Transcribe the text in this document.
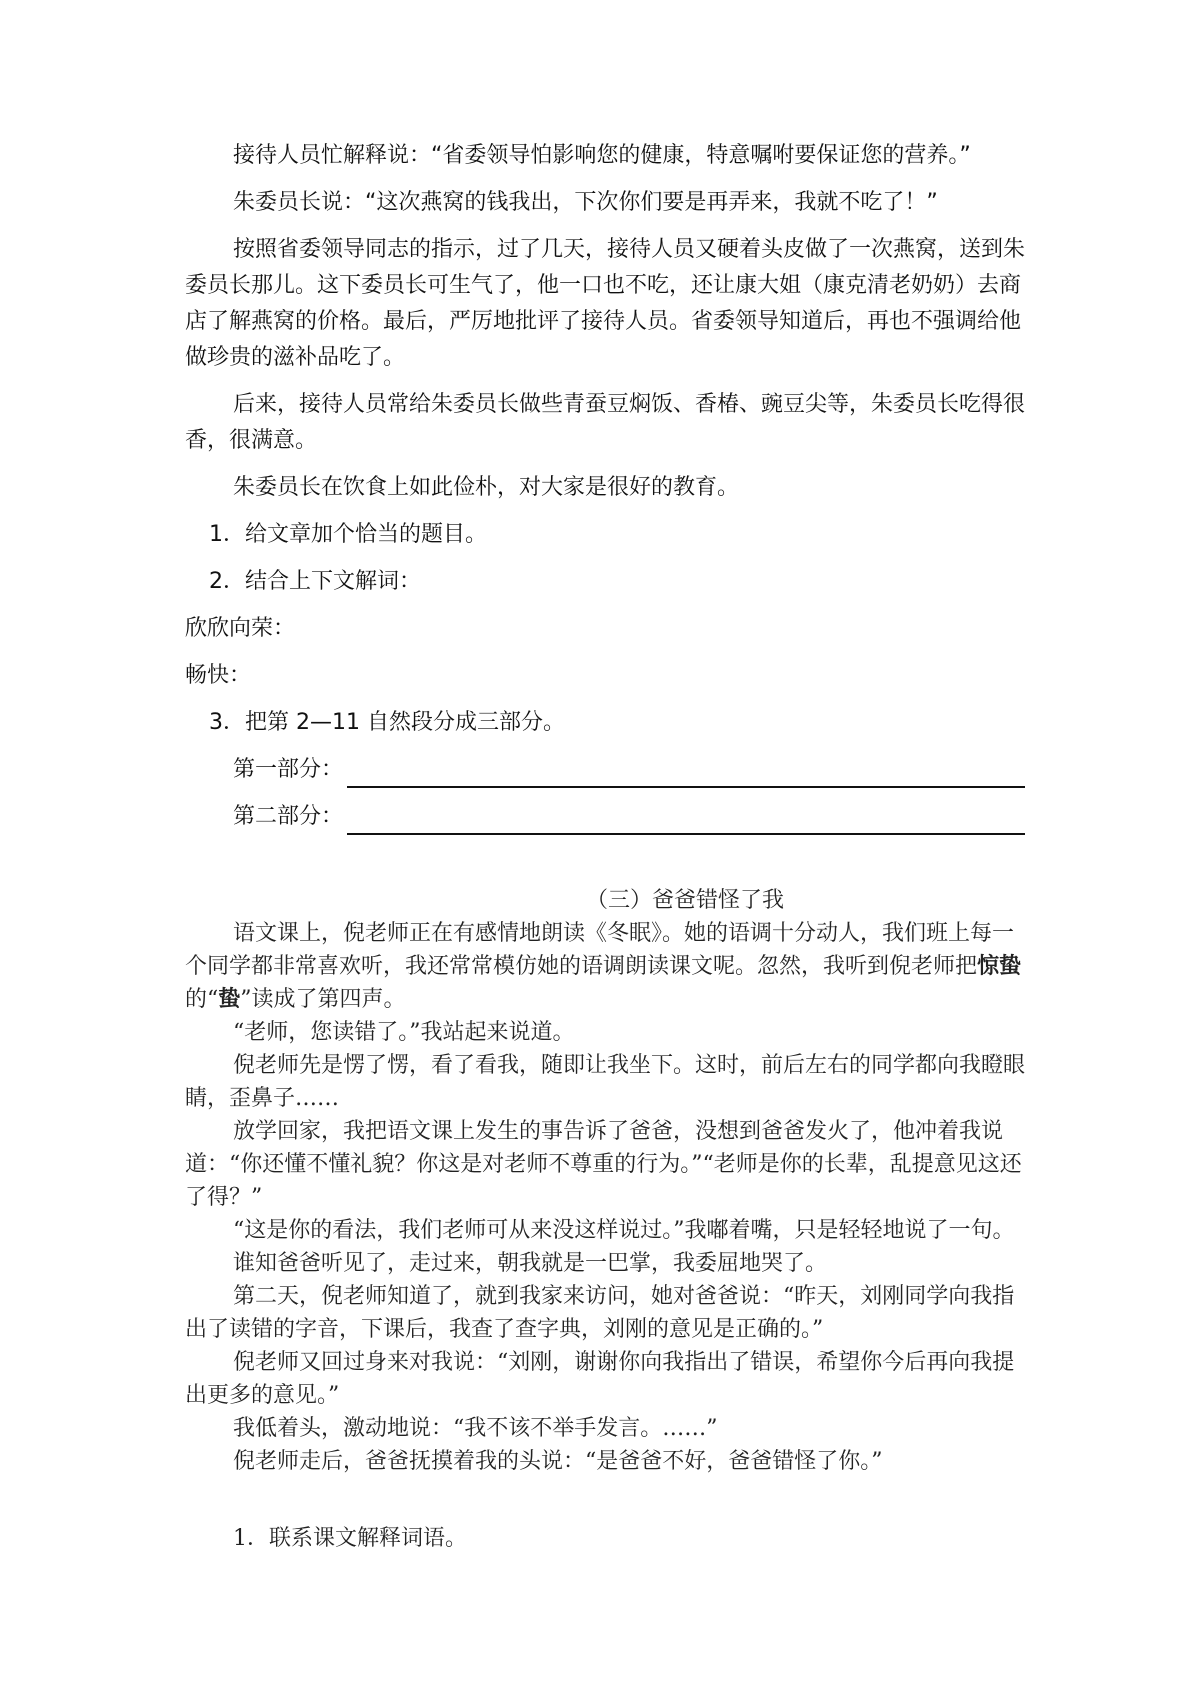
接待人员忙解释说：“省委领导怕影响您的健康，特意嘱咐要保证您的营养。”

朱委员长说：“这次燕窝的钱我出，下次你们要是再弄来，我就不吃了！”

按照省委领导同志的指示，过了几天，接待人员又硬着头皮做了一次燕窝，送到朱委员长那儿。这下委员长可生气了，他一口也不吃，还让康大姐（康克清老奶奶）去商店了解燕窝的价格。最后，严厉地批评了接待人员。省委领导知道后，再也不强调给他做珍贵的滋补品吃了。

后来，接待人员常给朱委员长做些青蚕豆焖饭、香椿、豌豆尖等，朱委员长吃得很香，很满意。

朱委员长在饮食上如此俭朴，对大家是很好的教育。

1．给文章加个恰当的题目。

2．结合上下文解词：

欣欣向荣：

畅快：

3．把第 2—11 自然段分成三部分。

第一部分：
第二部分：

（三）爸爸错怪了我

语文课上，倪老师正在有感情地朗读《冬眠》。她的语调十分动人，我们班上每一个同学都非常喜欢听，我还常常模仿她的语调朗读课文呢。忽然，我听到倪老师把惊蛰的“蛰”读成了第四声。

“老师，您读错了。”我站起来说道。

倪老师先是愣了愣，看了看我，随即让我坐下。这时，前后左右的同学都向我瞪眼睛，歪鼻子……

放学回家，我把语文课上发生的事告诉了爸爸，没想到爸爸发火了，他冲着我说道：“你还懂不懂礼貌？你这是对老师不尊重的行为。”“老师是你的长辈，乱提意见这还了得？”

“这是你的看法，我们老师可从来没这样说过。”我嘟着嘴，只是轻轻地说了一句。

谁知爸爸听见了，走过来，朝我就是一巴掌，我委屈地哭了。

第二天，倪老师知道了，就到我家来访问，她对爸爸说：“昨天，刘刚同学向我指出了读错的字音，下课后，我查了查字典，刘刚的意见是正确的。”

倪老师又回过身来对我说：“刘刚，谢谢你向我指出了错误，希望你今后再向我提出更多的意见。”

我低着头，激动地说：“我不该不举手发言。……”

倪老师走后，爸爸抚摸着我的头说：“是爸爸不好，爸爸错怪了你。”

1．联系课文解释词语。
